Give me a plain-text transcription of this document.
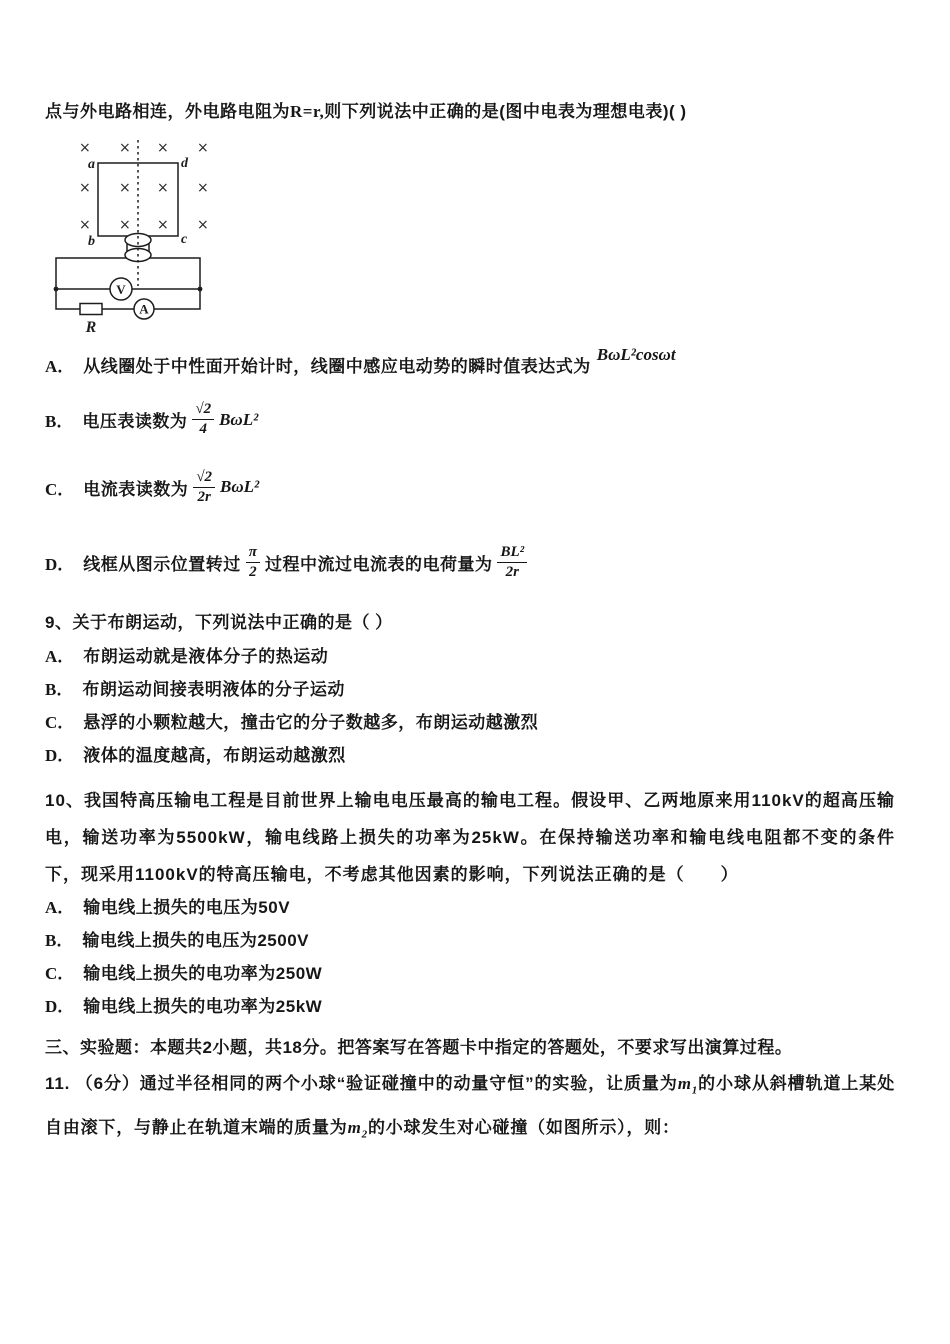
点与外电路相连，外电路电阻为R=r,则下列说法中正确的是(图中电表为理想电表)( )
× × × ×
× × × ×
× × × ×
a	d
b	c
V
R
A
A． 从线圈处于中性面开始计时，线圈中感应电动势的瞬时值表达式为
BωL²cosωt
B． 电压表读数为 $\frac{√2}{4} B\omega L^2$
C． 电流表读数为 $\frac{√2}{2r} B\omega L^2$
D． 线框从图示位置转过 $\frac{\pi}{2}$ 过程中流过电流表的电荷量为 $\frac{\text{BL²}}{2r}$
9、关于布朗运动，下列说法中正确的是（ ）
A． 布朗运动就是液体分子的热运动
B． 布朗运动间接表明液体的分子运动
C． 悬浮的小颗粒越大，撞击它的分子数越多，布朗运动越激烈
D． 液体的温度越高，布朗运动越激烈
10、我国特高压输电工程是目前世界上输电电压最高的输电工程。假设甲、乙两地原来用110kV的超高压输电，输送功率为5500kW，输电线路上损失的功率为25kW。在保持输送功率和输电线电阻都不变的条件下，现采用1100kV的特高压输电，不考虑其他因素的影响，下列说法正确的是（　　）
A． 输电线上损失的电压为50V
B． 输电线上损失的电压为2500V
C． 输电线上损失的电功率为250W
D． 输电线上损失的电功率为25kW
三、实验题：本题共2小题，共18分。把答案写在答题卡中指定的答题处，不要求写出演算过程。
11. （6分）通过半径相同的两个小球“验证碰撞中的动量守恒”的实验，让质量为$m_1$的小球从斜槽轨道上某处自由滚下，与静止在轨道末端的质量为$m_2$的小球发生对心碰撞（如图所示），则：
